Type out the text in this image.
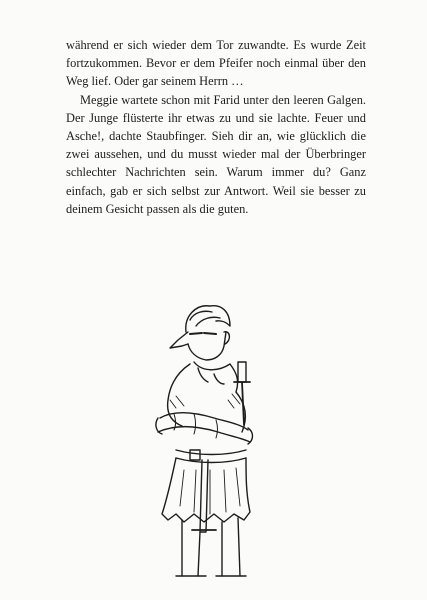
während er sich wieder dem Tor zuwandte. Es wurde Zeit fortzukommen. Bevor er dem Pfeifer noch einmal über den Weg lief. Oder gar seinem Herrn …

Meggie wartete schon mit Farid unter den leeren Galgen. Der Junge flüsterte ihr etwas zu und sie lachte. Feuer und Asche!, dachte Staubfinger. Sieh dir an, wie glücklich die zwei aussehen, und du musst wieder mal der Überbringer schlechter Nachrichten sein. Warum immer du? Ganz einfach, gab er sich selbst zur Antwort. Weil sie besser zu deinem Gesicht passen als die guten.
